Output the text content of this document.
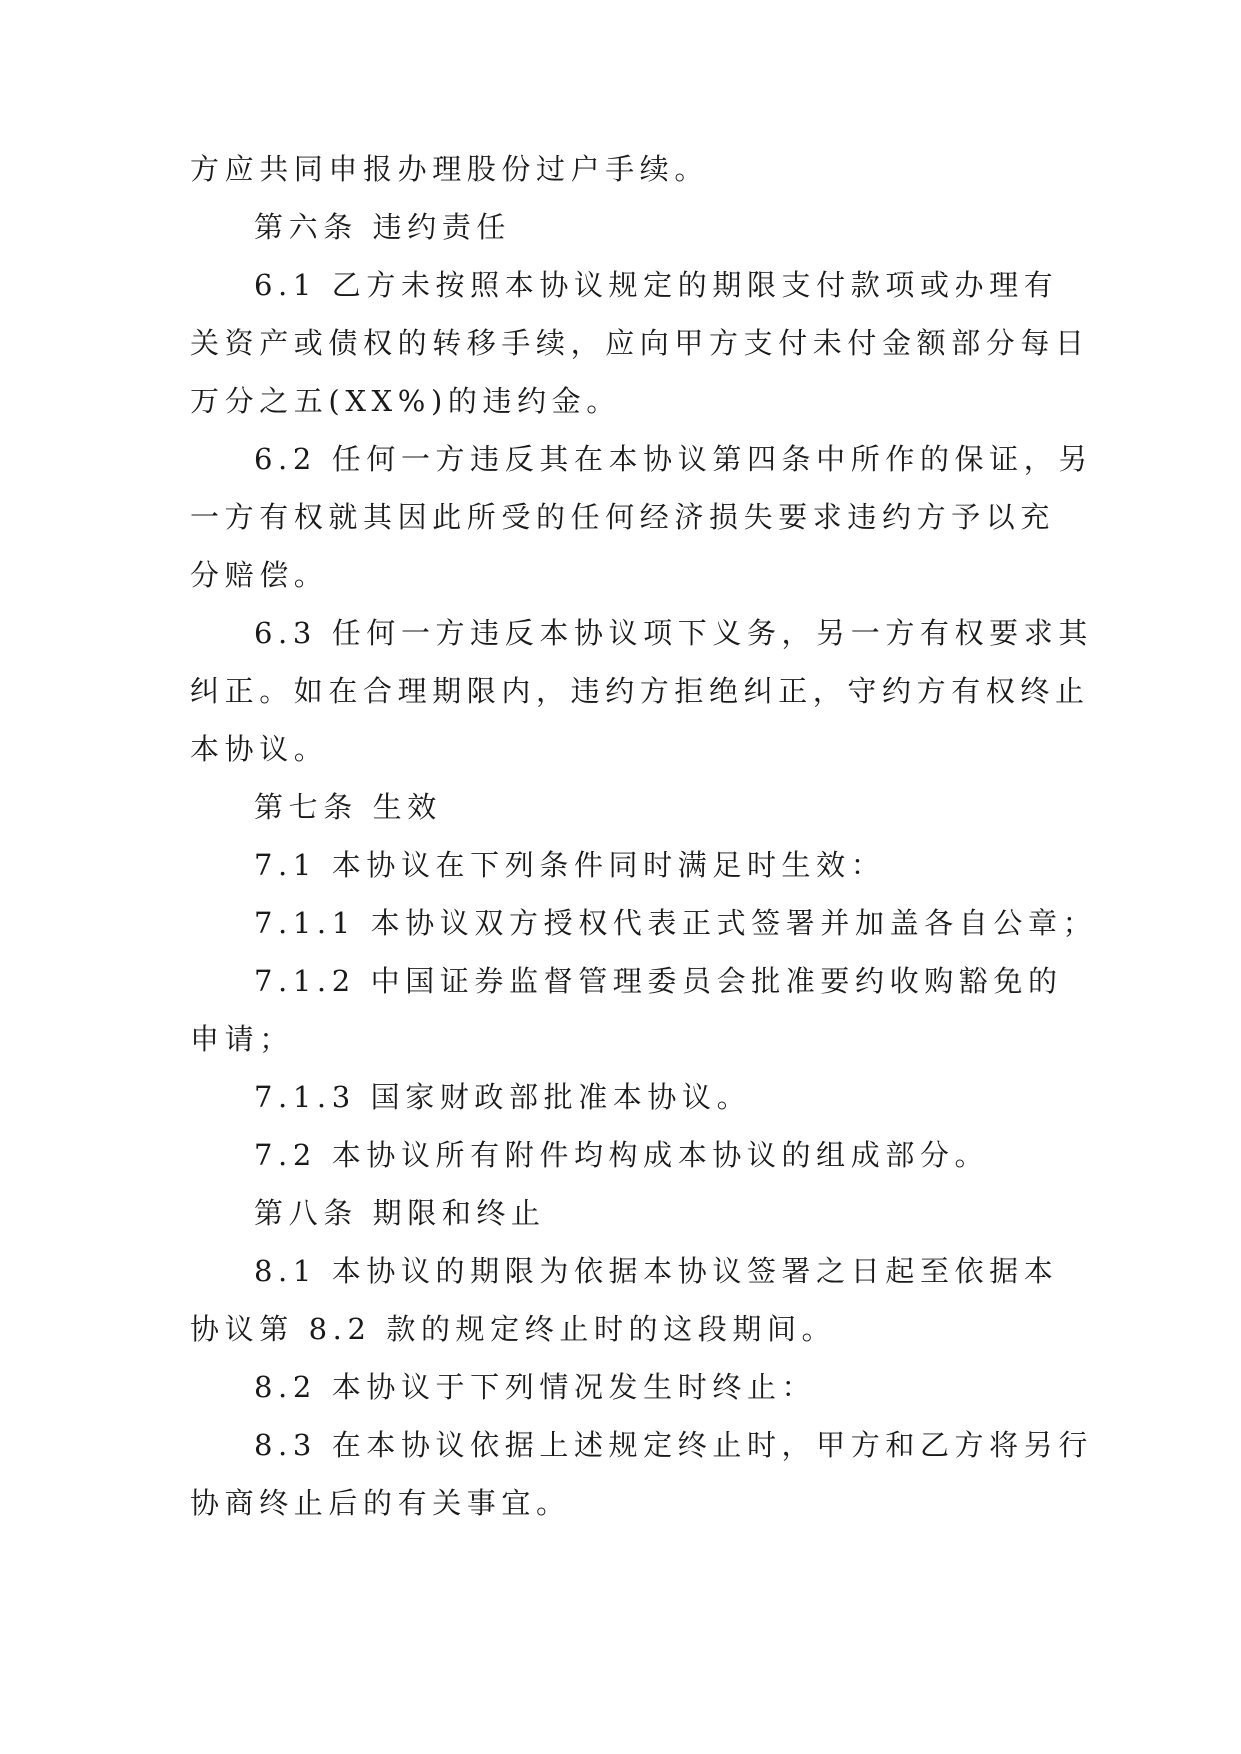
方应共同申报办理股份过户手续。
第六条 违约责任
6.1 乙方未按照本协议规定的期限支付款项或办理有
关资产或债权的转移手续，应向甲方支付未付金额部分每日
万分之五(XX%)的违约金。
6.2 任何一方违反其在本协议第四条中所作的保证，另
一方有权就其因此所受的任何经济损失要求违约方予以充
分赔偿。
6.3 任何一方违反本协议项下义务，另一方有权要求其
纠正。如在合理期限内，违约方拒绝纠正，守约方有权终止
本协议。
第七条 生效
7.1 本协议在下列条件同时满足时生效：
7.1.1 本协议双方授权代表正式签署并加盖各自公章；
7.1.2 中国证券监督管理委员会批准要约收购豁免的
申请；
7.1.3 国家财政部批准本协议。
7.2 本协议所有附件均构成本协议的组成部分。
第八条 期限和终止
8.1 本协议的期限为依据本协议签署之日起至依据本
协议第 8.2 款的规定终止时的这段期间。
8.2 本协议于下列情况发生时终止：
8.3 在本协议依据上述规定终止时，甲方和乙方将另行
协商终止后的有关事宜。
